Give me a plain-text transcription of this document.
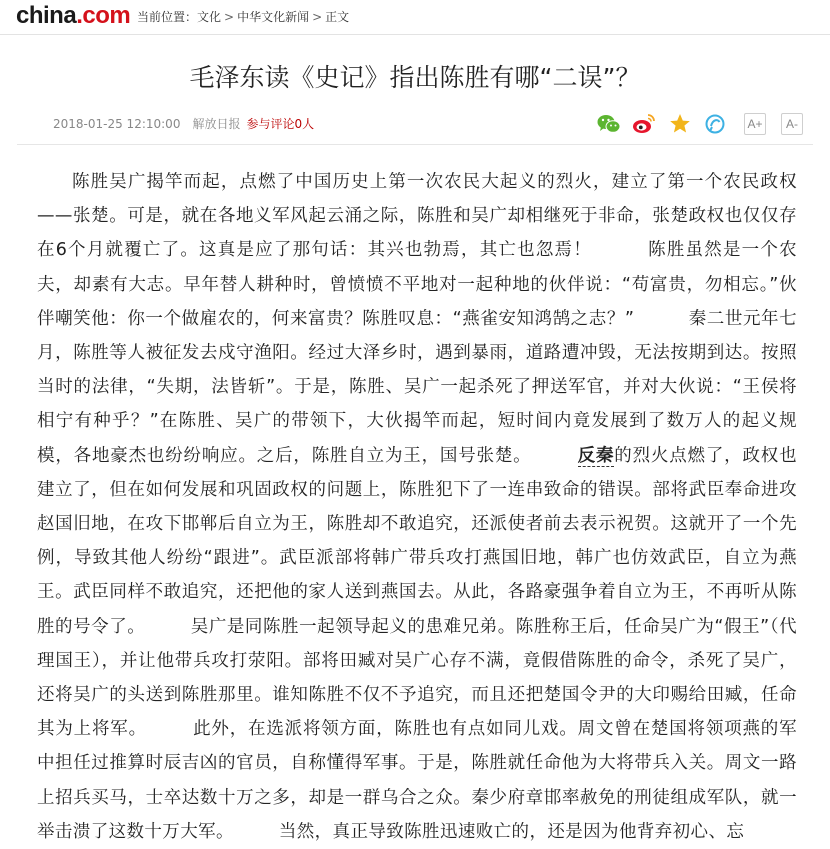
china.com 当前位置：文化 > 中华文化新闻 > 正文
毛泽东读《史记》指出陈胜有哪“二误”？
2018-01-25 12:10:00 解放日报 参与评论0人	A+	A-

陈胜吴广揭竿而起，点燃了中国历史上第一次农民大起义的烈火，建立了第一个农民政权——张楚。可是，就在各地义军风起云涌之际，陈胜和吴广却相继死于非命，张楚政权也仅仅存在6个月就覆亡了。这真是应了那句话：其兴也勃焉，其亡也忽焉！　　　陈胜虽然是一个农夫，却素有大志。早年替人耕种时，曾愤愤不平地对一起种地的伙伴说：“苟富贵，勿相忘。”伙伴嘲笑他：你一个做雇农的，何来富贵？陈胜叹息：“燕雀安知鸿鹄之志？”　　　秦二世元年七月，陈胜等人被征发去戍守渔阳。经过大泽乡时，遇到暴雨，道路遭冲毁，无法按期到达。按照当时的法律，“失期，法皆斩”。于是，陈胜、吴广一起杀死了押送军官，并对大伙说：“王侯将相宁有种乎？”在陈胜、吴广的带领下，大伙揭竿而起，短时间内竟发展到了数万人的起义规模，各地豪杰也纷纷响应。之后，陈胜自立为王，国号张楚。　　　反秦的烈火点燃了，政权也建立了，但在如何发展和巩固政权的问题上，陈胜犯下了一连串致命的错误。部将武臣奉命进攻赵国旧地，在攻下邯郸后自立为王，陈胜却不敢追究，还派使者前去表示祝贺。这就开了一个先例，导致其他人纷纷“跟进”。武臣派部将韩广带兵攻打燕国旧地，韩广也仿效武臣，自立为燕王。武臣同样不敢追究，还把他的家人送到燕国去。从此，各路豪强争着自立为王，不再听从陈胜的号令了。　　　吴广是同陈胜一起领导起义的患难兄弟。陈胜称王后，任命吴广为“假王”（代理国王），并让他带兵攻打荥阳。部将田臧对吴广心存不满，竟假借陈胜的命令，杀死了吴广，还将吴广的头送到陈胜那里。谁知陈胜不仅不予追究，而且还把楚国令尹的大印赐给田臧，任命其为上将军。　　　此外，在选派将领方面，陈胜也有点如同儿戏。周文曾在楚国将领项燕的军中担任过推算时辰吉凶的官员，自称懂得军事。于是，陈胜就任命他为大将带兵入关。周文一路上招兵买马，士卒达数十万之多，却是一群乌合之众。秦少府章邯率赦免的刑徒组成军队，就一举击溃了这数十万大军。　　　当然，真正导致陈胜迅速败亡的，还是因为他背弃初心、忘
